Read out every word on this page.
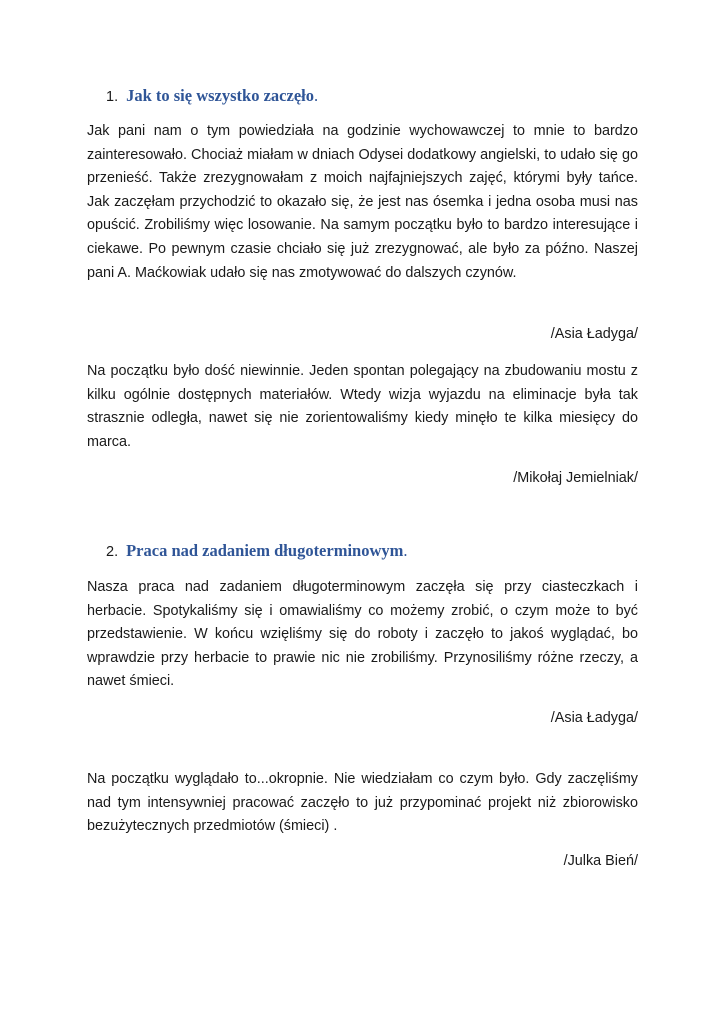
1. Jak to się wszystko zaczęło.

Jak pani nam o tym powiedziała na godzinie wychowawczej to mnie to bardzo zainteresowało. Chociaż miałam w dniach Odysei dodatkowy angielski, to udało się go przenieść. Także zrezygnowałam z moich najfajniejszych zajęć, którymi były tańce. Jak zaczęłam przychodzić to okazało się, że jest nas ósemka i jedna osoba musi nas opuścić. Zrobiliśmy więc losowanie. Na samym początku było to bardzo interesujące i ciekawe. Po pewnym czasie chciało się już zrezygnować, ale było za późno. Naszej pani A. Maćkowiak udało się nas zmotywować do dalszych czynów.

/Asia Ładyga/

Na początku było dość niewinnie. Jeden spontan polegający na zbudowaniu mostu z kilku ogólnie dostępnych materiałów. Wtedy wizja wyjazdu na eliminacje była tak strasznie odległa, nawet się nie zorientowaliśmy kiedy minęło te kilka miesięcy do marca.

/Mikołaj Jemielniak/
2. Praca nad zadaniem długoterminowym.

Nasza praca nad zadaniem długoterminowym zaczęła się przy ciasteczkach i herbacie. Spotykaliśmy się i omawialiśmy co możemy zrobić, o czym może to być przedstawienie. W końcu wzięliśmy się do roboty i zaczęło to jakoś wyglądać, bo wprawdzie przy herbacie to prawie nic nie zrobiliśmy. Przynosiliśmy różne rzeczy, a nawet śmieci.

/Asia Ładyga/

Na początku wyglądało to...okropnie. Nie wiedziałam co czym było. Gdy zaczęliśmy nad tym intensywniej pracować zaczęło to już przypominać projekt niż zbiorowisko bezużytecznych przedmiotów (śmieci) .

/Julka Bień/
